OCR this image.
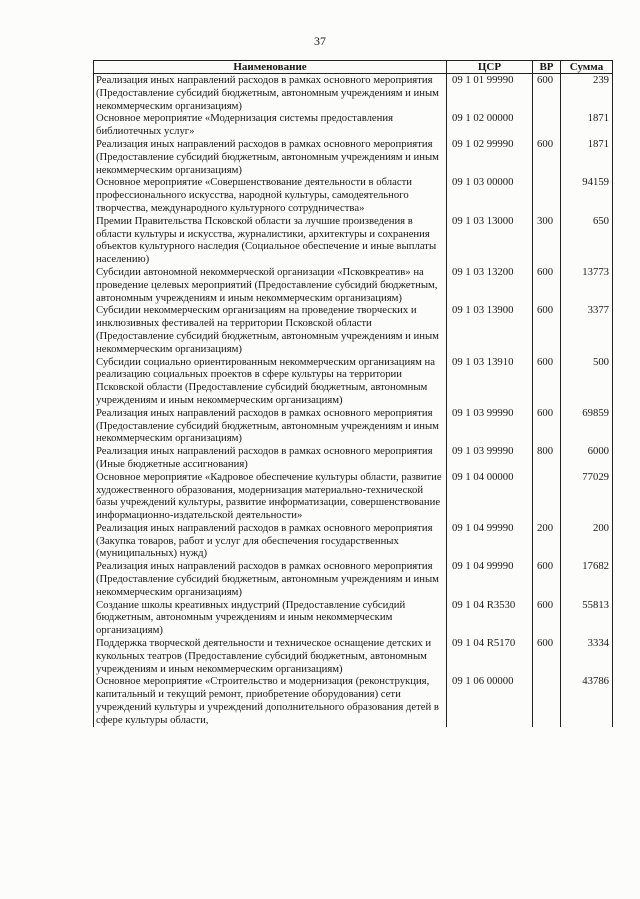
37
Наименование	ЦСР	ВР	Сумма
Реализация иных направлений расходов в рамках основного мероприятия (Предоставление субсидий бюджетным, автономным учреждениям и иным некоммерческим организациям)	09 1 01 99990	600	239
Основное мероприятие «Модернизация системы предоставления библиотечных услуг»	09 1 02 00000		1871
Реализация иных направлений расходов в рамках основного мероприятия (Предоставление субсидий бюджетным, автономным учреждениям и иным некоммерческим организациям)	09 1 02 99990	600	1871
Основное мероприятие «Совершенствование деятельности в области профессионального искусства, народной культуры, самодеятельного творчества, международного культурного сотрудничества»	09 1 03 00000		94159
Премии Правительства Псковской области за лучшие произведения в области культуры и искусства, журналистики, архитектуры и сохранения объектов культурного наследия (Социальное обеспечение и иные выплаты населению)	09 1 03 13000	300	650
Субсидии автономной некоммерческой организации «Псковкреатив» на проведение целевых мероприятий (Предоставление субсидий бюджетным, автономным учреждениям и иным некоммерческим организациям)	09 1 03 13200	600	13773
Субсидии некоммерческим организациям на проведение творческих и инклюзивных фестивалей на территории Псковской области (Предоставление субсидий бюджетным, автономным учреждениям и иным некоммерческим организациям)	09 1 03 13900	600	3377
Субсидии социально ориентированным некоммерческим организациям на реализацию социальных проектов в сфере культуры на территории Псковской области (Предоставление субсидий бюджетным, автономным учреждениям и иным некоммерческим организациям)	09 1 03 13910	600	500
Реализация иных направлений расходов в рамках основного мероприятия (Предоставление субсидий бюджетным, автономным учреждениям и иным некоммерческим организациям)	09 1 03 99990	600	69859
Реализация иных направлений расходов в рамках основного мероприятия (Иные бюджетные ассигнования)	09 1 03 99990	800	6000
Основное мероприятие «Кадровое обеспечение культуры области, развитие художественного образования, модернизация материально-технической базы учреждений культуры, развитие информатизации, совершенствование информационно-издательской деятельности»	09 1 04 00000		77029
Реализация иных направлений расходов в рамках основного мероприятия (Закупка товаров, работ и услуг для обеспечения государственных (муниципальных) нужд)	09 1 04 99990	200	200
Реализация иных направлений расходов в рамках основного мероприятия (Предоставление субсидий бюджетным, автономным учреждениям и иным некоммерческим организациям)	09 1 04 99990	600	17682
Создание школы креативных индустрий (Предоставление субсидий бюджетным, автономным учреждениям и иным некоммерческим организациям)	09 1 04 R3530	600	55813
Поддержка творческой деятельности и техническое оснащение детских и кукольных театров (Предоставление субсидий бюджетным, автономным учреждениям и иным некоммерческим организациям)	09 1 04 R5170	600	3334
Основное мероприятие «Строительство и модернизация (реконструкция, капитальный и текущий ремонт, приобретение оборудования) сети учреждений культуры и учреждений дополнительного образования детей в сфере культуры области,	09 1 06 00000		43786
